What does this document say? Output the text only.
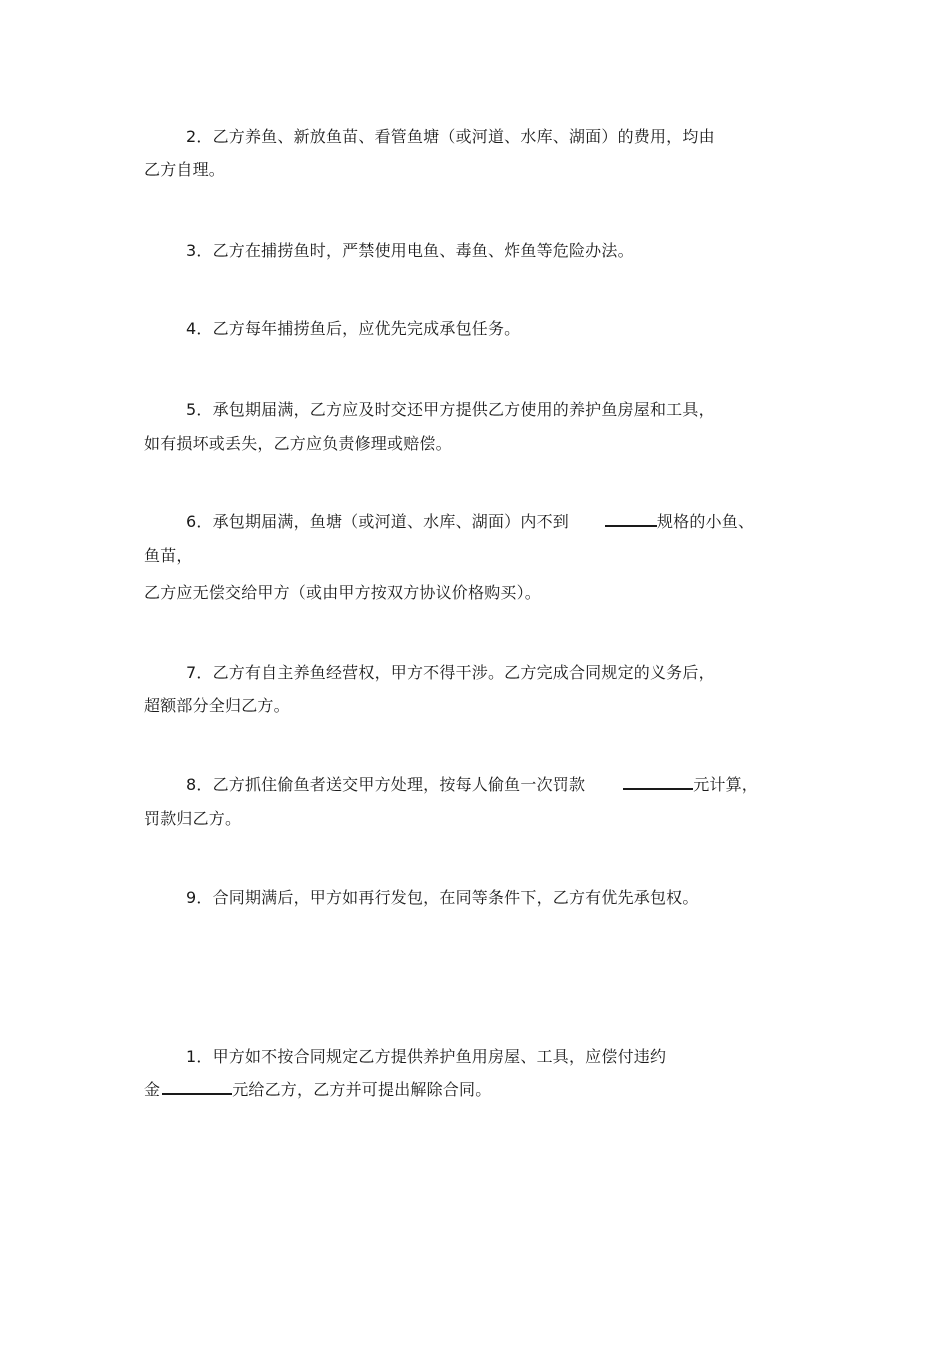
2．乙方养鱼、新放鱼苗、看管鱼塘（或河道、水库、湖面）的费用，均由
乙方自理。
3．乙方在捕捞鱼时，严禁使用电鱼、毒鱼、炸鱼等危险办法。
4．乙方每年捕捞鱼后，应优先完成承包任务。
5．承包期届满，乙方应及时交还甲方提供乙方使用的养护鱼房屋和工具，
如有损坏或丢失，乙方应负责修理或赔偿。
6．承包期届满，鱼塘（或河道、水库、湖面）内不到	规格的小鱼、
鱼苗，
乙方应无偿交给甲方（或由甲方按双方协议价格购买）。
7．乙方有自主养鱼经营权，甲方不得干涉。乙方完成合同规定的义务后，
超额部分全归乙方。
8．乙方抓住偷鱼者送交甲方处理，按每人偷鱼一次罚款	元计算，
罚款归乙方。
9．合同期满后，甲方如再行发包，在同等条件下，乙方有优先承包权。
1．甲方如不按合同规定乙方提供养护鱼用房屋、工具，应偿付违约
金	元给乙方，乙方并可提出解除合同。
